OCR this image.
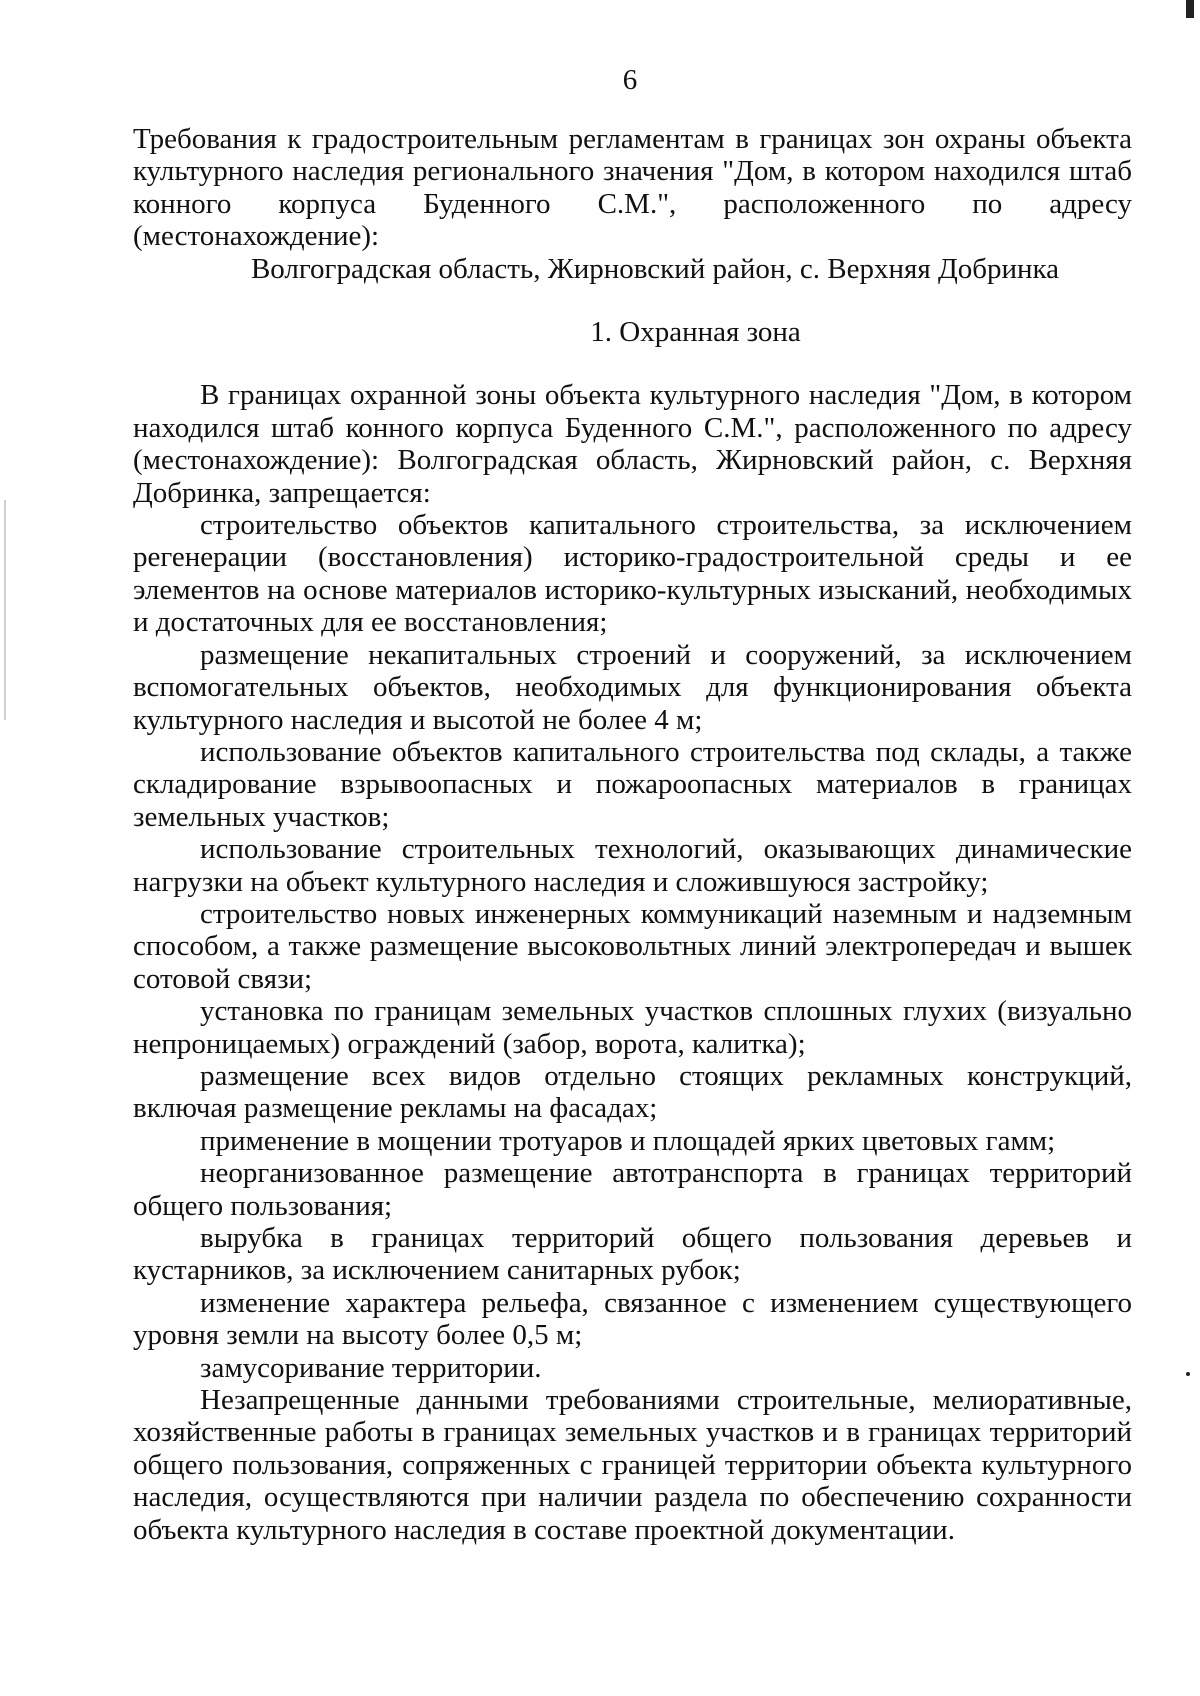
6

Требования к градостроительным регламентам в границах зон охраны объекта

культурного наследия регионального значения "Дом, в котором находился штаб

конного корпуса Буденного С.М.", расположенного по адресу (местонахождение):

Волгоградская область, Жирновский район, с. Верхняя Добринка

1. Охранная зона

В границах охранной зоны объекта культурного наследия "Дом, в котором находился штаб конного корпуса Буденного С.М.", расположенного по адресу (местонахождение): Волгоградская область, Жирновский район, с. Верхняя Добринка, запрещается:

строительство объектов капитального строительства, за исключением регенерации (восстановления) историко-градостроительной среды и ее элементов на основе материалов историко-культурных изысканий, необходимых и достаточных для ее восстановления;

размещение некапитальных строений и сооружений, за исключением вспомогательных объектов, необходимых для функционирования объекта культурного наследия и высотой не более 4 м;

использование объектов капитального строительства под склады, а также складирование взрывоопасных и пожароопасных материалов в границах земельных участков;

использование строительных технологий, оказывающих динамические нагрузки на объект культурного наследия и сложившуюся застройку;

строительство новых инженерных коммуникаций наземным и надземным способом, а также размещение высоковольтных линий электропередач и вышек сотовой связи;

установка по границам земельных участков сплошных глухих (визуально непроницаемых) ограждений (забор, ворота, калитка);

размещение всех видов отдельно стоящих рекламных конструкций, включая размещение рекламы на фасадах;

применение в мощении тротуаров и площадей ярких цветовых гамм;

неорганизованное размещение автотранспорта в границах территорий общего пользования;

вырубка в границах территорий общего пользования деревьев и кустарников, за исключением санитарных рубок;

изменение характера рельефа, связанное с изменением существующего уровня земли на высоту более 0,5 м;

замусоривание территории.

Незапрещенные данными требованиями строительные, мелиоративные, хозяйственные работы в границах земельных участков и в границах территорий общего пользования, сопряженных с границей территории объекта культурного наследия, осуществляются при наличии раздела по обеспечению сохранности объекта культурного наследия в составе проектной документации.
